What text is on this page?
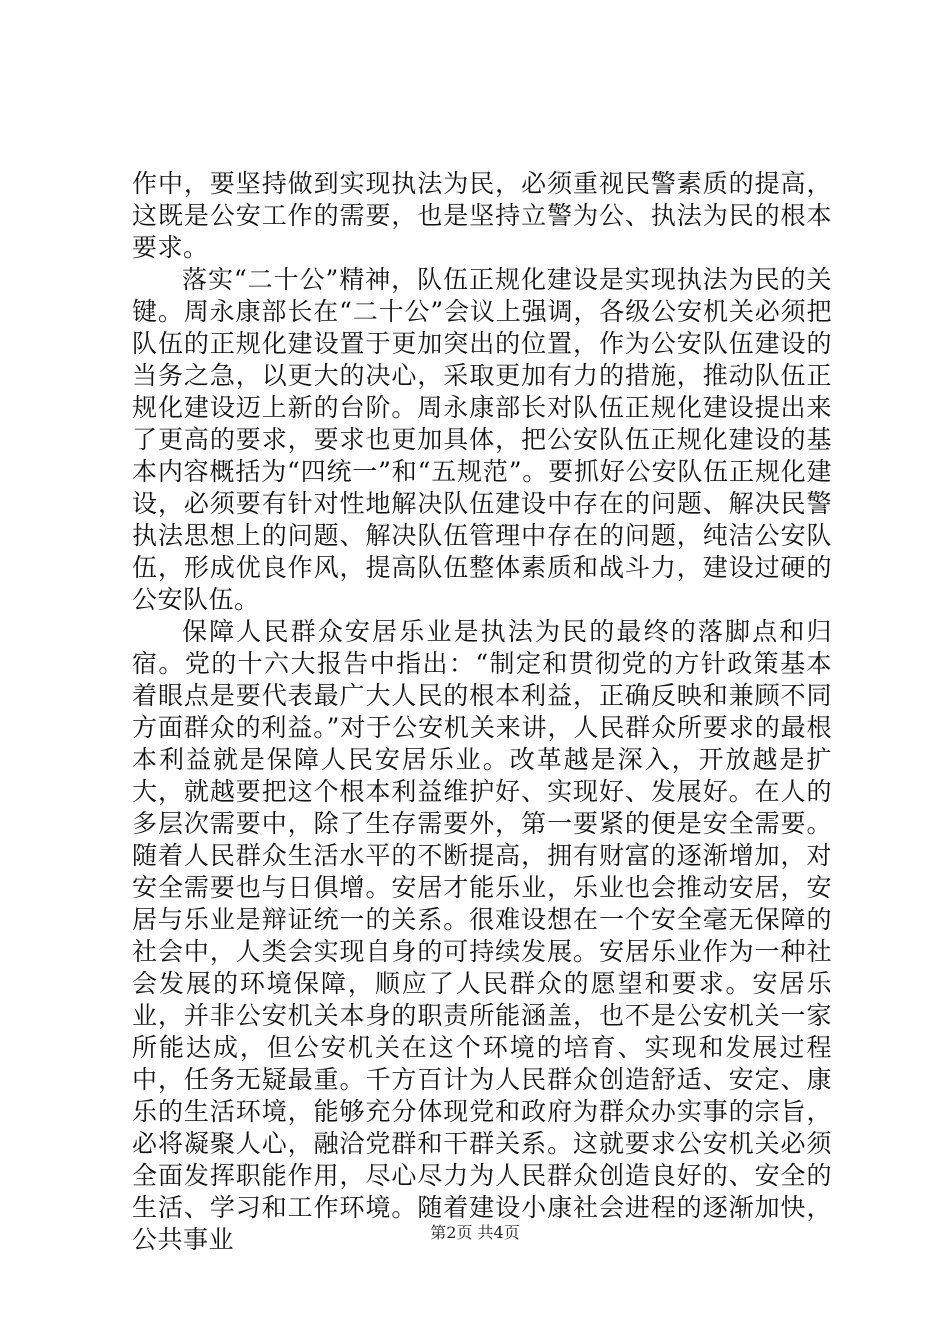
作中，要坚持做到实现执法为民，必须重视民警素质的提高，这既是公安工作的需要，也是坚持立警为公、执法为民的根本要求。

落实“二十公”精神，队伍正规化建设是实现执法为民的关键。周永康部长在“二十公”会议上强调，各级公安机关必须把队伍的正规化建设置于更加突出的位置，作为公安队伍建设的当务之急，以更大的决心，采取更加有力的措施，推动队伍正规化建设迈上新的台阶。周永康部长对队伍正规化建设提出来了更高的要求，要求也更加具体，把公安队伍正规化建设的基本内容概括为“四统一”和“五规范”。要抓好公安队伍正规化建设，必须要有针对性地解决队伍建设中存在的问题、解决民警执法思想上的问题、解决队伍管理中存在的问题，纯洁公安队伍，形成优良作风，提高队伍整体素质和战斗力，建设过硬的公安队伍。

保障人民群众安居乐业是执法为民的最终的落脚点和归宿。党的十六大报告中指出：“制定和贯彻党的方针政策基本着眼点是要代表最广大人民的根本利益，正确反映和兼顾不同方面群众的利益。”对于公安机关来讲，人民群众所要求的最根本利益就是保障人民安居乐业。改革越是深入，开放越是扩大，就越要把这个根本利益维护好、实现好、发展好。在人的多层次需要中，除了生存需要外，第一要紧的便是安全需要。随着人民群众生活水平的不断提高，拥有财富的逐渐增加，对安全需要也与日俱增。安居才能乐业，乐业也会推动安居，安居与乐业是辩证统一的关系。很难设想在一个安全毫无保障的社会中，人类会实现自身的可持续发展。安居乐业作为一种社会发展的环境保障，顺应了人民群众的愿望和要求。安居乐业，并非公安机关本身的职责所能涵盖，也不是公安机关一家所能达成，但公安机关在这个环境的培育、实现和发展过程中，任务无疑最重。千方百计为人民群众创造舒适、安定、康乐的生活环境，能够充分体现党和政府为群众办实事的宗旨，必将凝聚人心，融洽党群和干群关系。这就要求公安机关必须全面发挥职能作用，尽心尽力为人民群众创造良好的、安全的生活、学习和工作环境。随着建设小康社会进程的逐渐加快，公共事业	第2页 共4页
